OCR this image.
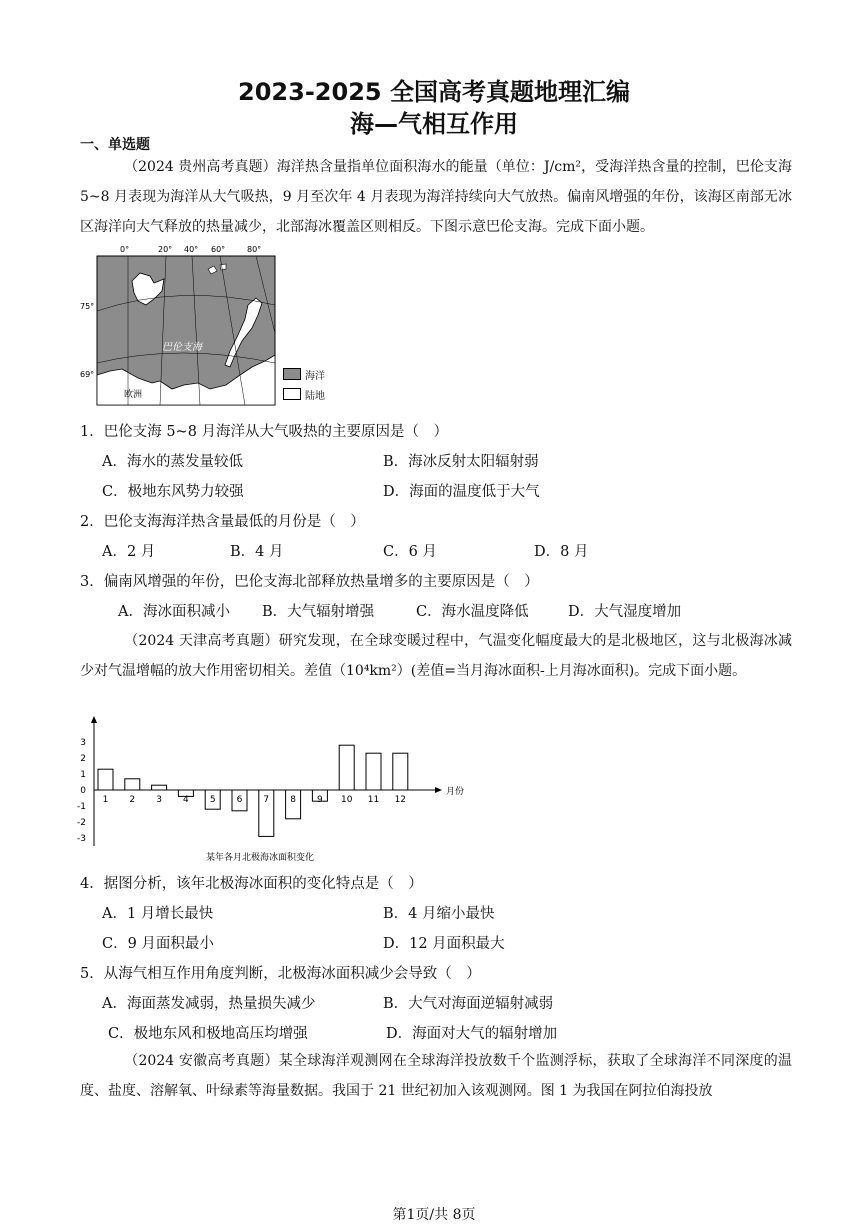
2023-2025 全国高考真题地理汇编
海—气相互作用
一、单选题
（2024 贵州高考真题）海洋热含量指单位面积海水的能量（单位：J/cm²，受海洋热含量的控制，巴伦支海 5~8 月表现为海洋从大气吸热，9 月至次年 4 月表现为海洋持续向大气放热。偏南风增强的年份，该海区南部无冰区海洋向大气释放的热量减少，北部海冰覆盖区则相反。下图示意巴伦支海。完成下面小题。
0°	20° 40° 60°	80°
75°
69°
巴伦支海
欧洲
海洋
陆地
1．巴伦支海 5~8 月海洋从大气吸热的主要原因是（　）
A．海水的蒸发量较低	B．海冰反射太阳辐射弱
C．极地东风势力较强	D．海面的温度低于大气
2．巴伦支海海洋热含量最低的月份是（　）
A．2 月	B．4 月	C．6 月	D．8 月
3．偏南风增强的年份，巴伦支海北部释放热量增多的主要原因是（　）
A．海冰面积减小 B．大气辐射增强	C．海水温度降低	D．大气湿度增加
（2024 天津高考真题）研究发现，在全球变暖过程中，气温变化幅度最大的是北极地区，这与北极海冰减少对气温增幅的放大作用密切相关。差值（10⁴km²）(差值=当月海冰面积-上月海冰面积)。完成下面小题。
3
2
1
0
-1
-2
-3
1 2 3 4 5 6 7 8 9 10 11 12
月份
某年各月北极海冰面积变化
4．据图分析，该年北极海冰面积的变化特点是（　）
A．1 月增长最快	B．4 月缩小最快
C．9 月面积最小	D．12 月面积最大
5．从海气相互作用角度判断，北极海冰面积减少会导致（　）
A．海面蒸发减弱，热量损失减少	B．大气对海面逆辐射减弱
C．极地东风和极地高压均增强	D．海面对大气的辐射增加
（2024 安徽高考真题）某全球海洋观测网在全球海洋投放数千个监测浮标，获取了全球海洋不同深度的温度、盐度、溶解氧、叶绿素等海量数据。我国于 21 世纪初加入该观测网。图 1 为我国在阿拉伯海投放
第1页/共 8页
